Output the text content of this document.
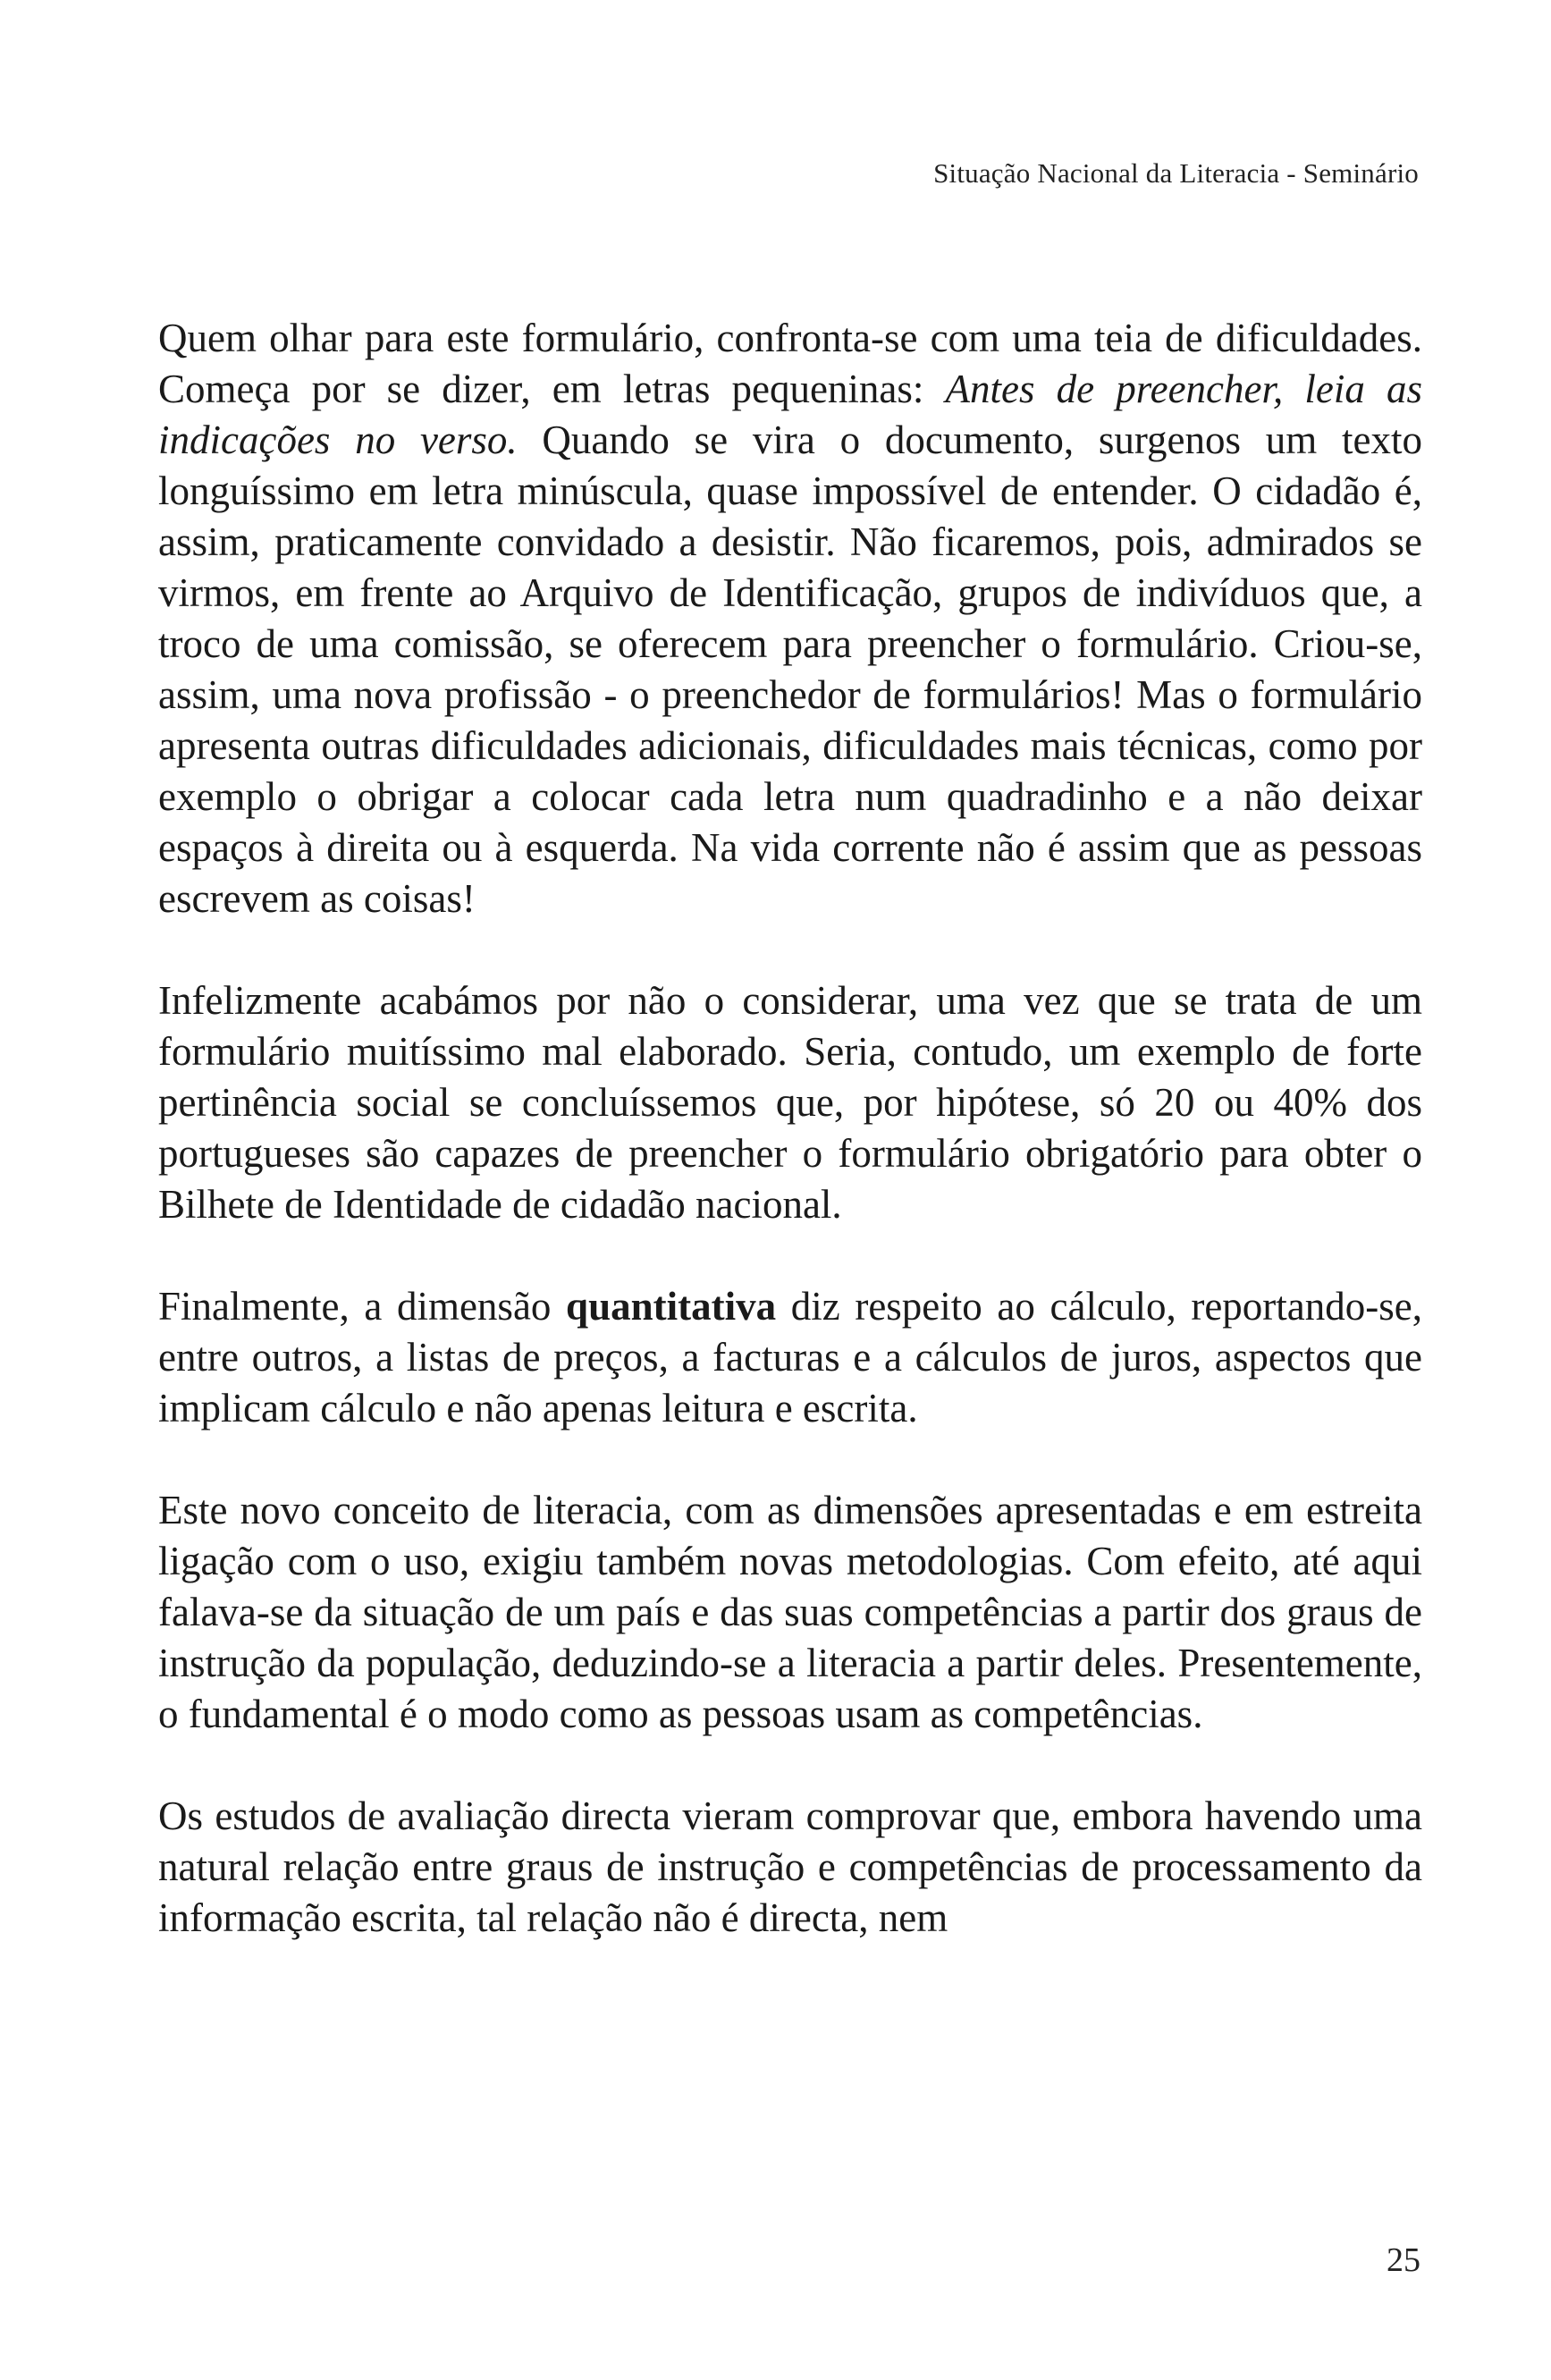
Situação Nacional da Literacia - Seminário

Quem olhar para este formulário, confronta-se com uma teia de dificuldades. Começa por se dizer, em letras pequeninas: Antes de preencher, leia as indicações no verso. Quando se vira o documento, surgenos um texto longuíssimo em letra minúscula, quase impossível de entender. O cidadão é, assim, praticamente convidado a desistir. Não ficaremos, pois, admirados se virmos, em frente ao Arquivo de Identificação, grupos de indivíduos que, a troco de uma comissão, se oferecem para preencher o formulário. Criou-se, assim, uma nova profissão - o preenchedor de formulários! Mas o formulário apresenta outras dificuldades adicionais, dificuldades mais técnicas, como por exemplo o obrigar a colocar cada letra num quadradinho e a não deixar espaços à direita ou à esquerda. Na vida corrente não é assim que as pessoas escrevem as coisas!

Infelizmente acabámos por não o considerar, uma vez que se trata de um formulário muitíssimo mal elaborado. Seria, contudo, um exemplo de forte pertinência social se concluíssemos que, por hipótese, só 20 ou 40% dos portugueses são capazes de preencher o formulário obrigatório para obter o Bilhete de Identidade de cidadão nacional.

Finalmente, a dimensão quantitativa diz respeito ao cálculo, reportando-se, entre outros, a listas de preços, a facturas e a cálculos de juros, aspectos que implicam cálculo e não apenas leitura e escrita.

Este novo conceito de literacia, com as dimensões apresentadas e em estreita ligação com o uso, exigiu também novas metodologias. Com efeito, até aqui falava-se da situação de um país e das suas competências a partir dos graus de instrução da população, deduzindo-se a literacia a partir deles. Presentemente, o fundamental é o modo como as pessoas usam as competências.

Os estudos de avaliação directa vieram comprovar que, embora havendo uma natural relação entre graus de instrução e competências de processamento da informação escrita, tal relação não é directa, nem

25
